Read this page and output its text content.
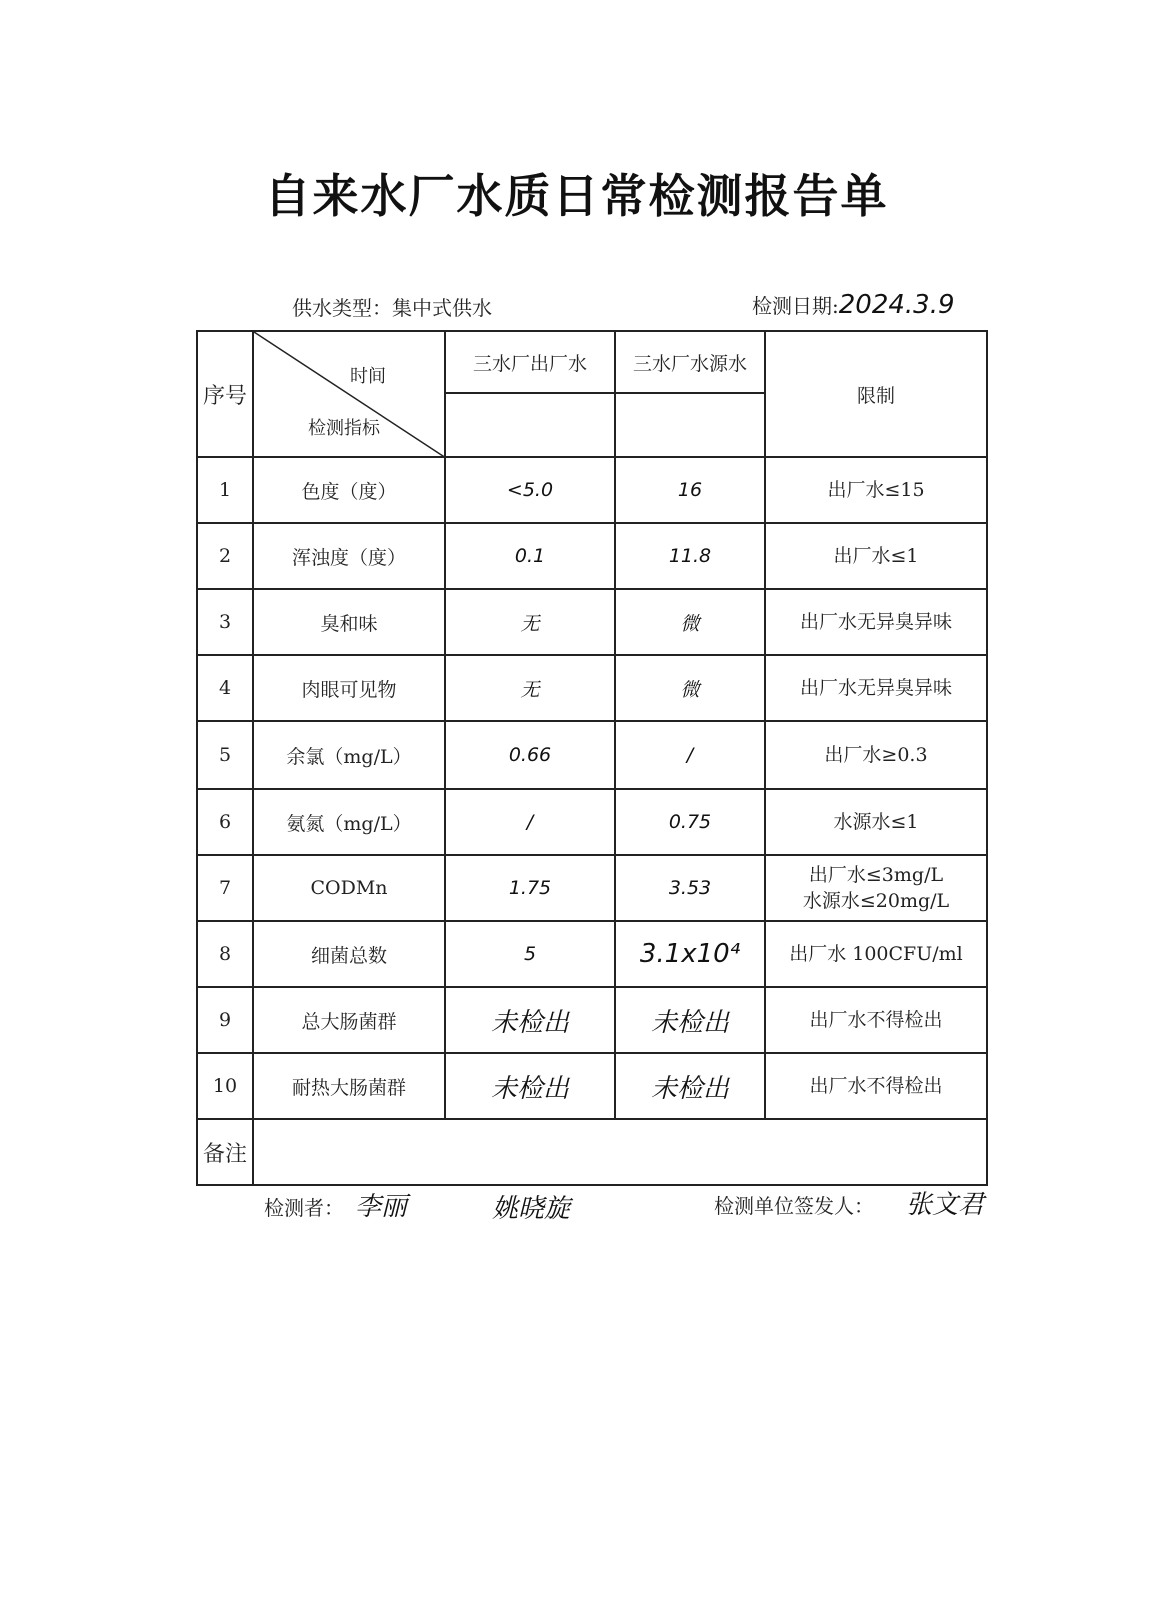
自来水厂水质日常检测报告单
供水类型：集中式供水	检测日期:2024.3.9
序号	时间
检测指标	三水厂出厂水	三水厂水源水	限制

1	色度（度）	<5.0	16	出厂水≤15
2	浑浊度（度）	0.1	11.8	出厂水≤1
3	臭和味	无	微	出厂水无异臭异味
4	肉眼可见物	无	微	出厂水无异臭异味
5	余氯（mg/L）	0.66	/	出厂水≥0.3
6	氨氮（mg/L）	/	0.75	水源水≤1
7	CODMn	1.75	3.53	出厂水≤3mg/L
水源水≤20mg/L
8	细菌总数	5	3.1x10⁴	出厂水 100CFU/ml
9	总大肠菌群	未检出	未检出	出厂水不得检出
10	耐热大肠菌群	未检出	未检出	出厂水不得检出
备注				
检测者： 李丽	姚晓旋	检测单位签发人： 张文君
